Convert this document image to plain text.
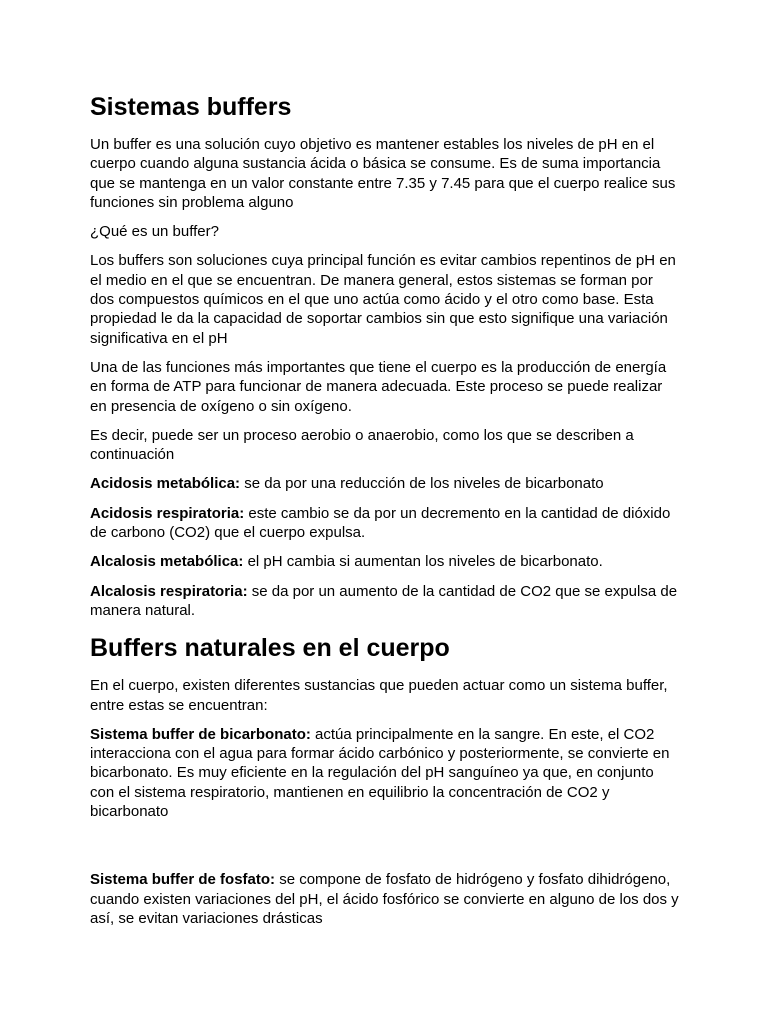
Sistemas buffers

Un buffer es una solución cuyo objetivo es mantener estables los niveles de pH en el cuerpo cuando alguna sustancia ácida o básica se consume. Es de suma importancia que se mantenga en un valor constante entre 7.35 y 7.45 para que el cuerpo realice sus funciones sin problema alguno

¿Qué es un buffer?

Los buffers son soluciones cuya principal función es evitar cambios repentinos de pH en el medio en el que se encuentran. De manera general, estos sistemas se forman por dos compuestos químicos en el que uno actúa como ácido y el otro como base. Esta propiedad le da la capacidad de soportar cambios sin que esto signifique una variación significativa en el pH

Una de las funciones más importantes que tiene el cuerpo es la producción de energía en forma de ATP para funcionar de manera adecuada. Este proceso se puede realizar en presencia de oxígeno o sin oxígeno.

Es decir, puede ser un proceso aerobio o anaerobio, como los que se describen a continuación

Acidosis metabólica: se da por una reducción de los niveles de bicarbonato

Acidosis respiratoria: este cambio se da por un decremento en la cantidad de dióxido de carbono (CO2) que el cuerpo expulsa.

Alcalosis metabólica: el pH cambia si aumentan los niveles de bicarbonato.

Alcalosis respiratoria: se da por un aumento de la cantidad de CO2 que se expulsa de manera natural.

Buffers naturales en el cuerpo

En el cuerpo, existen diferentes sustancias que pueden actuar como un sistema buffer, entre estas se encuentran:

Sistema buffer de bicarbonato: actúa principalmente en la sangre. En este, el CO2 interacciona con el agua para formar ácido carbónico y posteriormente, se convierte en bicarbonato. Es muy eficiente en la regulación del pH sanguíneo ya que, en conjunto con el sistema respiratorio, mantienen en equilibrio la concentración de CO2 y bicarbonato

Sistema buffer de fosfato: se compone de fosfato de hidrógeno y fosfato dihidrógeno, cuando existen variaciones del pH, el ácido fosfórico se convierte en alguno de los dos y así, se evitan variaciones drásticas
